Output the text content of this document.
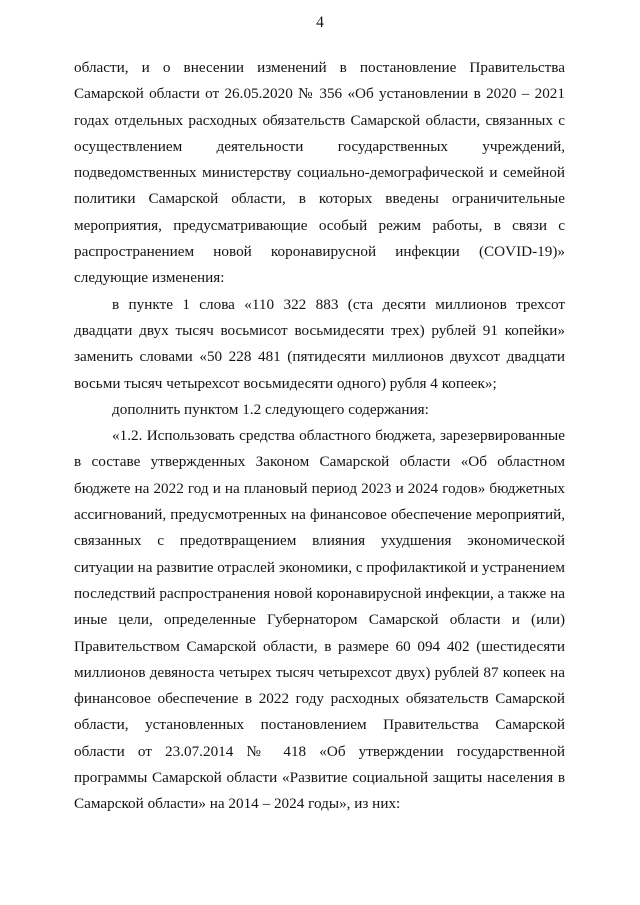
4

области, и о внесении изменений в постановление Правительства Самарской области от 26.05.2020 № 356 «Об установлении в 2020 – 2021 годах отдельных расходных обязательств Самарской области, связанных с осуществлением деятельности государственных учреждений, подведомственных министерству социально-демографической и семейной политики Самарской области, в которых введены ограничительные мероприятия, предусматривающие особый режим работы, в связи с распространением новой коронавирусной инфекции (COVID-19)» следующие изменения:

в пункте 1 слова «110 322 883 (ста десяти миллионов трехсот двадцати двух тысяч восьмисот восьмидесяти трех) рублей 91 копейки» заменить словами «50 228 481 (пятидесяти миллионов двухсот двадцати восьми тысяч четырехсот восьмидесяти одного) рубля 4 копеек»;

дополнить пунктом 1.2 следующего содержания:

«1.2. Использовать средства областного бюджета, зарезервированные в составе утвержденных Законом Самарской области «Об областном бюджете на 2022 год и на плановый период 2023 и 2024 годов» бюджетных ассигнований, предусмотренных на финансовое обеспечение мероприятий, связанных с предотвращением влияния ухудшения экономической ситуации на развитие отраслей экономики, с профилактикой и устранением последствий распространения новой коронавирусной инфекции, а также на иные цели, определенные Губернатором Самарской области и (или) Правительством Самарской области, в размере 60 094 402 (шестидесяти миллионов девяноста четырех тысяч четырехсот двух) рублей 87 копеек на финансовое обеспечение в 2022 году расходных обязательств Самарской области, установленных постановлением Правительства Самарской области от 23.07.2014 № 418 «Об утверждении государственной программы Самарской области «Развитие социальной защиты населения в Самарской области» на 2014 – 2024 годы», из них:
